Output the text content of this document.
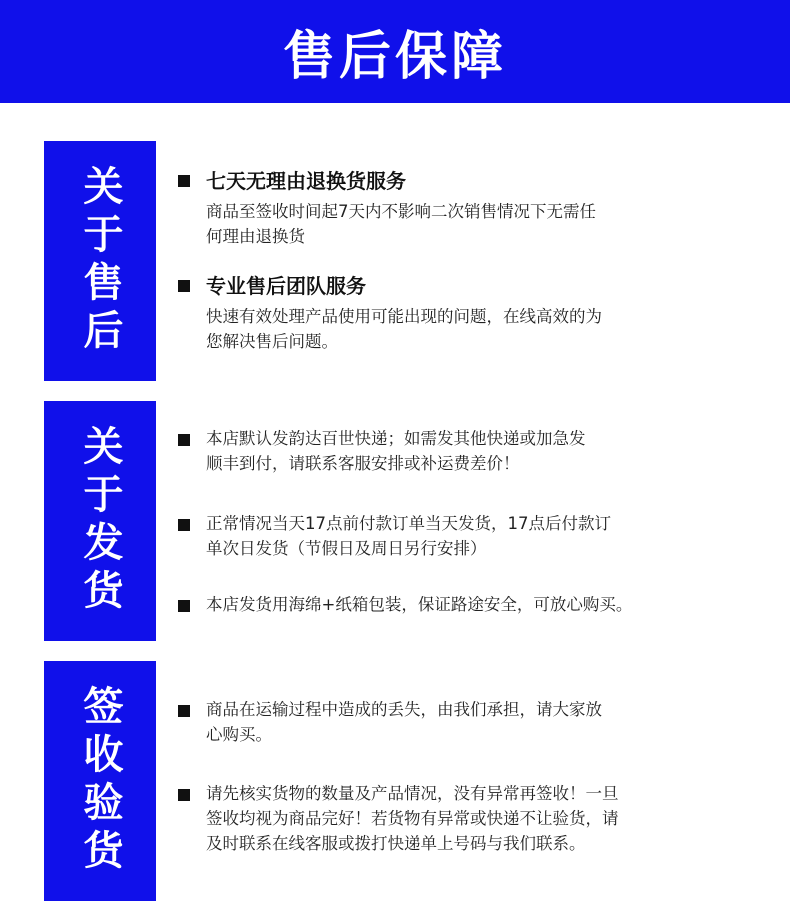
售后保障
关于售后	七天无理由退换货服务
商品至签收时间起7天内不影响二次销售情况下无需任
何理由退换货
专业售后团队服务
快速有效处理产品使用可能出现的问题，在线高效的为
您解决售后问题。
关于发货	本店默认发韵达百世快递；如需发其他快递或加急发
顺丰到付，请联系客服安排或补运费差价！
正常情况当天17点前付款订单当天发货，17点后付款订
单次日发货（节假日及周日另行安排）
本店发货用海绵+纸箱包装，保证路途安全，可放心购买。
签收验货	商品在运输过程中造成的丢失，由我们承担，请大家放
心购买。
请先核实货物的数量及产品情况，没有异常再签收！一旦
签收均视为商品完好！若货物有异常或快递不让验货，请
及时联系在线客服或拨打快递单上号码与我们联系。
